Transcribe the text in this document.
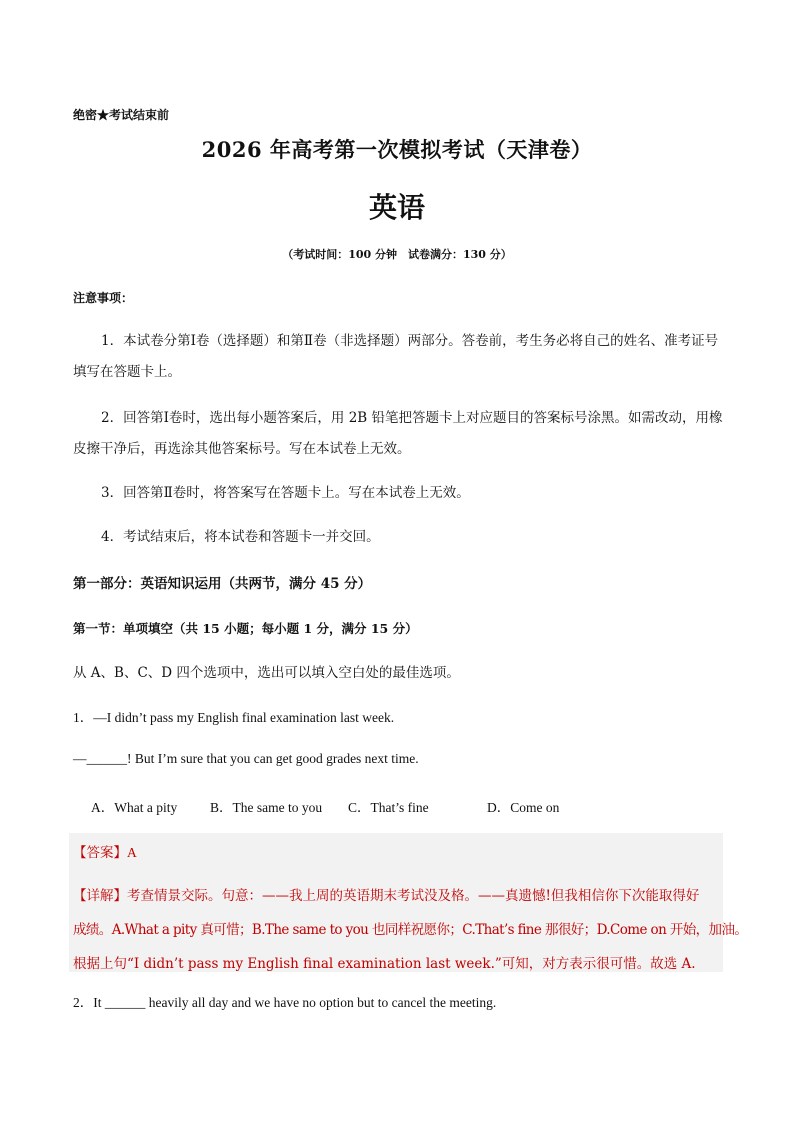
绝密★考试结束前
2026 年高考第一次模拟考试（天津卷）
英语
（考试时间：100 分钟　试卷满分：130 分）
注意事项：
1．本试卷分第Ⅰ卷（选择题）和第Ⅱ卷（非选择题）两部分。答卷前，考生务必将自己的姓名、准考证号填写在答题卡上。
2．回答第Ⅰ卷时，选出每小题答案后，用 2B 铅笔把答题卡上对应题目的答案标号涂黑。如需改动，用橡皮擦干净后，再选涂其他答案标号。写在本试卷上无效。
3．回答第Ⅱ卷时，将答案写在答题卡上。写在本试卷上无效。
4．考试结束后，将本试卷和答题卡一并交回。
第一部分：英语知识运用（共两节，满分 45 分）
第一节：单项填空（共 15 小题；每小题 1 分，满分 15 分）
从 A、B、C、D 四个选项中，选出可以填入空白处的最佳选项。
1．—I didn’t pass my English final examination last week.
—______! But I’m sure that you can get good grades next time.
A．What a pity B．The same to you C．That’s fine	D．Come on
【答案】A
【详解】考查情景交际。句意：——我上周的英语期末考试没及格。——真遗憾!但我相信你下次能取得好
成绩。A.What a pity 真可惜；B.The same to you 也同样祝愿你；C.That’s fine 那很好；D.Come on 开始，加油。
根据上句“I didn’t pass my English final examination last week.”可知，对方表示很可惜。故选 A.
2．It ______ heavily all day and we have no option but to cancel the meeting.
